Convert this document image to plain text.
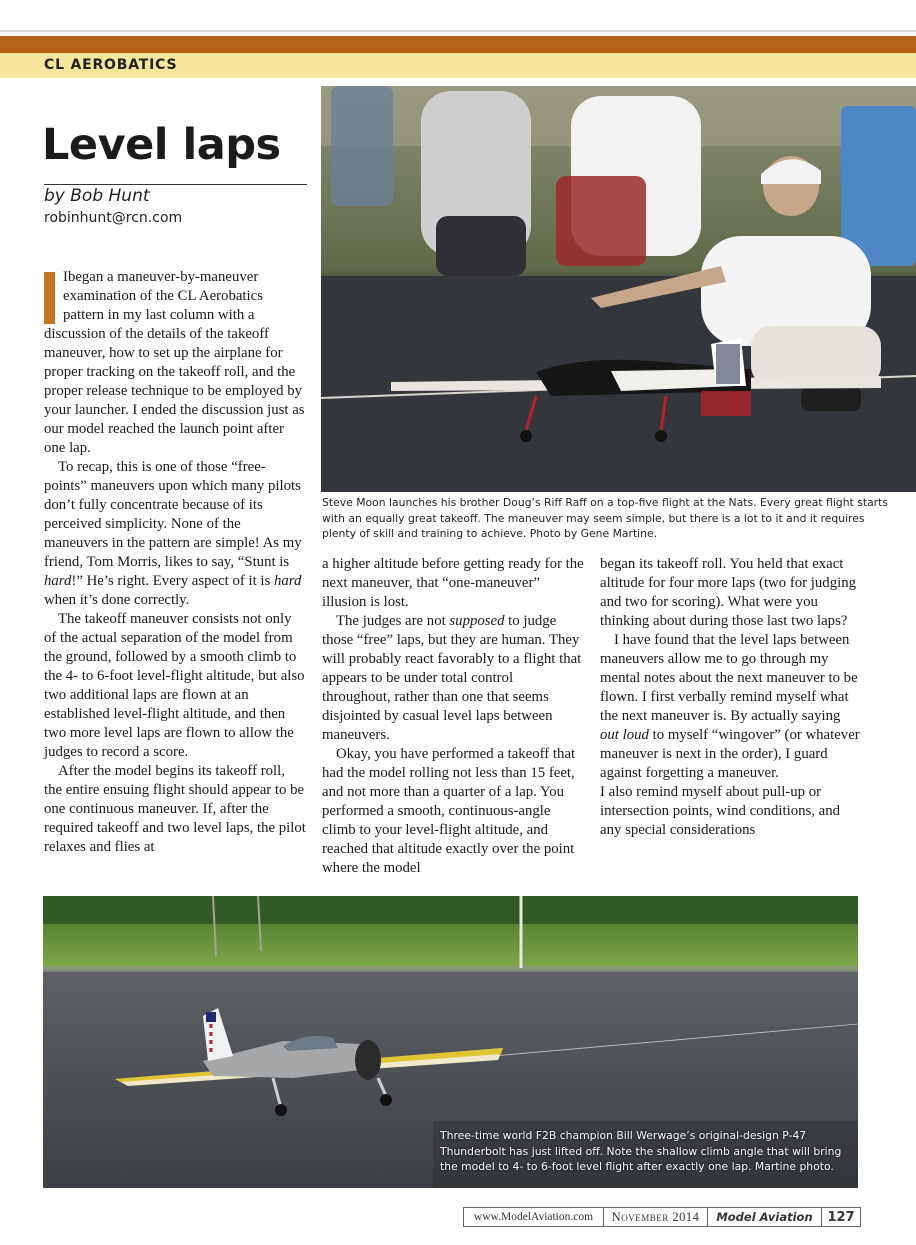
CL AEROBATICS
Level laps
by Bob Hunt
robinhunt@rcn.com

Ibegan a maneuver-by-maneuver examination of the CL Aerobatics pattern in my last column with a discussion of the details of the takeoff maneuver, how to set up the airplane for proper tracking on the takeoff roll, and the proper release technique to be employed by your launcher. I ended the discussion just as our model reached the launch point after one lap.

To recap, this is one of those “free-points” maneuvers upon which many pilots don’t fully concentrate because of its perceived simplicity. None of the maneuvers in the pattern are simple! As my friend, Tom Morris, likes to say, “Stunt is hard!” He’s right. Every aspect of it is hard when it’s done correctly.

The takeoff maneuver consists not only of the actual separation of the model from the ground, followed by a smooth climb to the 4- to 6-foot level-flight altitude, but also two additional laps are flown at an established level-flight altitude, and then two more level laps are flown to allow the judges to record a score.

After the model begins its takeoff roll, the entire ensuing flight should appear to be one continuous maneuver. If, after the required takeoff and two level laps, the pilot relaxes and flies at

Steve Moon launches his brother Doug’s Riff Raff on a top-five flight at the Nats. Every great flight starts with an equally great takeoff. The maneuver may seem simple, but there is a lot to it and it requires plenty of skill and training to achieve. Photo by Gene Martine.

a higher altitude before getting ready for the next maneuver, that “one-maneuver” illusion is lost.

The judges are not supposed to judge those “free” laps, but they are human. They will probably react favorably to a flight that appears to be under total control throughout, rather than one that seems disjointed by casual level laps between maneuvers.

Okay, you have performed a takeoff that had the model rolling not less than 15 feet, and not more than a quarter of a lap. You performed a smooth, continuous-angle climb to your level-flight altitude, and reached that altitude exactly over the point where the model

began its takeoff roll. You held that exact altitude for four more laps (two for judging and two for scoring). What were you thinking about during those last two laps?

I have found that the level laps between maneuvers allow me to go through my mental notes about the next maneuver to be flown. I first verbally remind myself what the next maneuver is. By actually saying out loud to myself “wingover” (or whatever maneuver is next in the order), I guard against forgetting a maneuver.

I also remind myself about pull-up or intersection points, wind conditions, and any special considerations

Three-time world F2B champion Bill Werwage’s original-design P-47 Thunderbolt has just lifted off. Note the shallow climb angle that will bring the model to 4- to 6-foot level flight after exactly one lap. Martine photo.
www.ModelAviation.com	November 2014	Model Aviation	127
